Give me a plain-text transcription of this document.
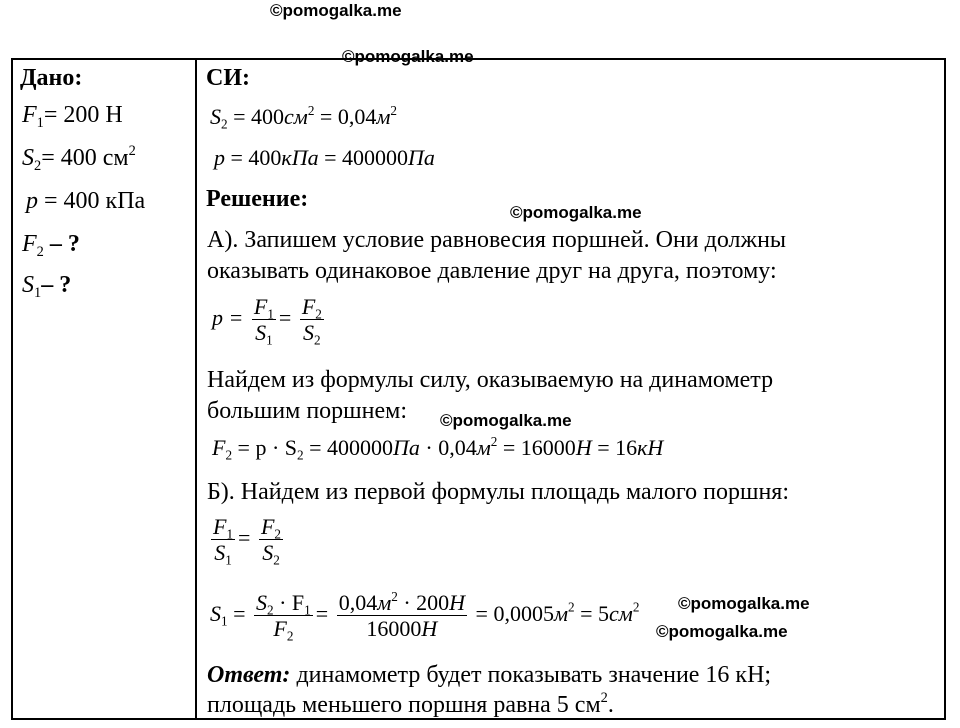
©pomogalka.me
©pomogalka.me
©pomogalka.me
©pomogalka.me
©pomogalka.me
©pomogalka.me
Дано:
$F_1= 200$ Н
$S_2= 400$ $см^2$
p = 400 кПа
$F_2$ – ?
$S_1-$ ?
СИ:
$S_2 = 400см^2 = 0,04м^2$
p = 400кПа = 400000Па
Решение:
А). Запишем условие равновесия поршней. Они должны
оказывать одинаковое давление друг на друга, поэтому:
$p = \frac{F_1}{S_1} = \frac{F_2}{S_2}$
Найдем из формулы силу, оказываемую на динамометр
большим поршнем:
$F_2 = p \cdot S_2 = 400000Па \cdot 0,04м^2 = 16000Н = 16кН$
Б). Найдем из первой формулы площадь малого поршня:
$\frac{F_1}{S_1} = \frac{F_2}{S_2}$
$S_1 = \frac{S_2 \cdot F_1}{F_2} = \frac{0,04м^2 \cdot 200Н}{16000Н} = 0,0005м^2 = 5см^2$
Ответ: динамометр будет показывать значение 16 кН;
площадь меньшего поршня равна 5 $см^2$.
